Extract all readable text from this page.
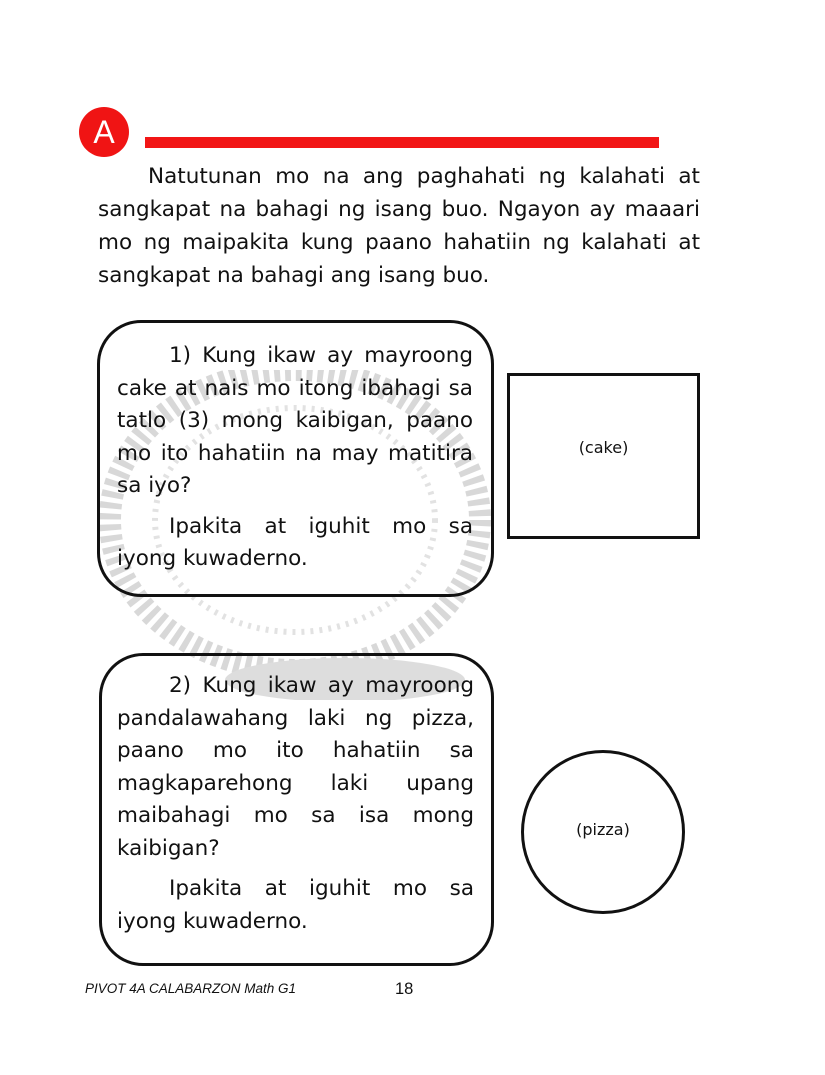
A

Natutunan mo na ang paghahati ng kalahati at sangkapat na bahagi ng isang buo. Ngayon ay maaari mo ng maipakita kung paano hahatiin ng kalahati at sangkapat na bahagi ang isang buo.

1) Kung ikaw ay mayroong cake at nais mo itong ibahagi sa tatlo (3) mong kaibigan, paano mo ito hahatiin na may matitira sa iyo?
Ipakita at iguhit mo sa iyong kuwaderno.
(cake)
2) Kung ikaw ay mayroong pandalawahang laki ng pizza, paano mo ito hahatiin sa magkaparehong laki upang maibahagi mo sa isa mong kaibigan?
Ipakita at iguhit mo sa iyong kuwaderno.
(pizza)
PIVOT 4A CALABARZON Math G1	18
